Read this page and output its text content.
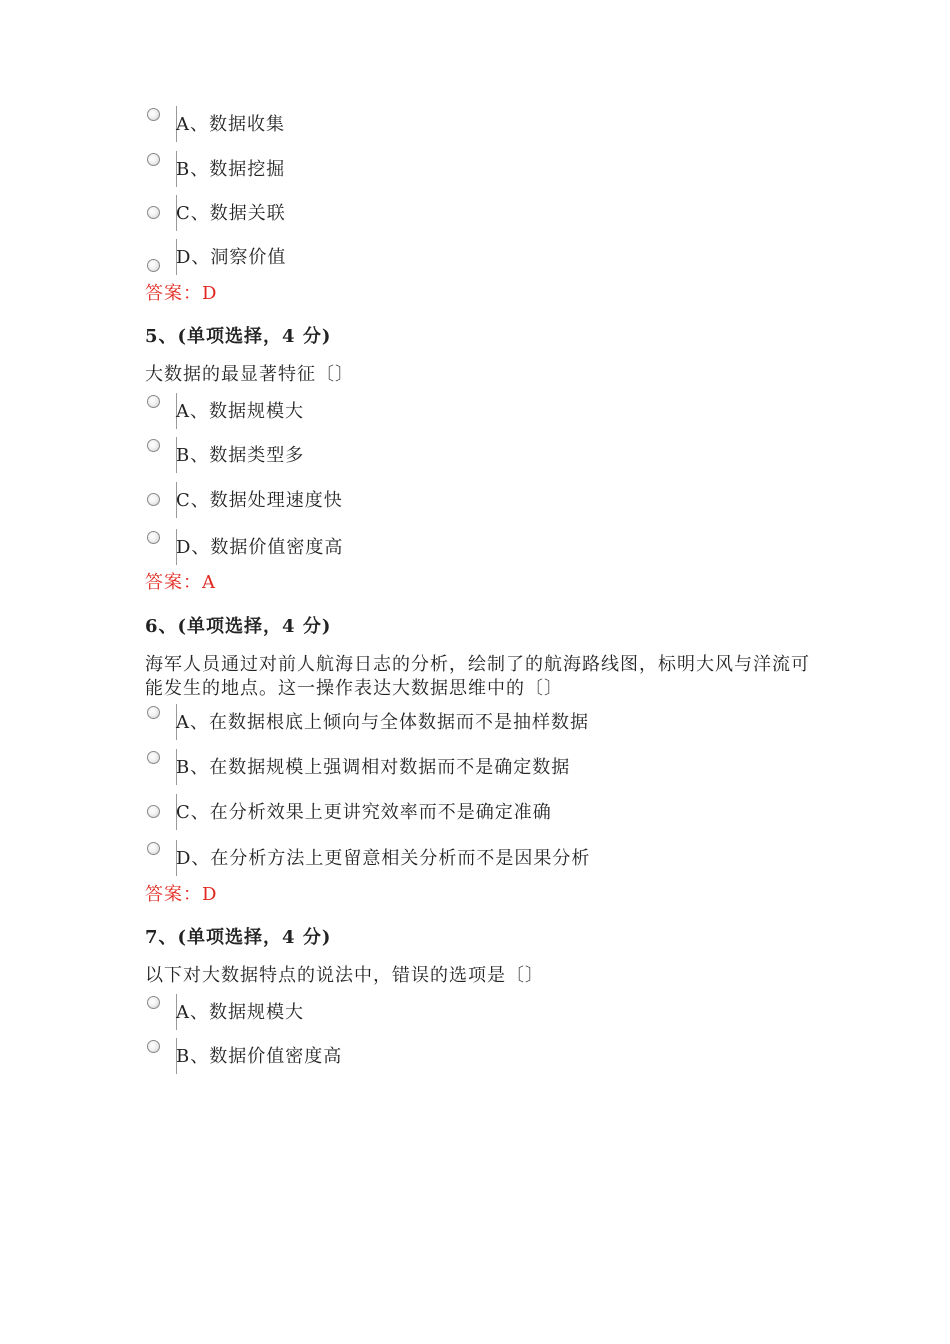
A、数据收集
B、数据挖掘
C、数据关联
D、洞察价值
答案：D
5、(单项选择，4 分)
大数据的最显著特征〔〕
A、数据规模大
B、数据类型多
C、数据处理速度快
D、数据价值密度高
答案：A
6、(单项选择，4 分)
海军人员通过对前人航海日志的分析，绘制了的航海路线图，标明大风与洋流可能发生的地点。这一操作表达大数据思维中的〔〕
A、在数据根底上倾向与全体数据而不是抽样数据
B、在数据规模上强调相对数据而不是确定数据
C、在分析效果上更讲究效率而不是确定准确
D、在分析方法上更留意相关分析而不是因果分析
答案：D
7、(单项选择，4 分)
以下对大数据特点的说法中，错误的选项是〔〕
A、数据规模大
B、数据价值密度高
